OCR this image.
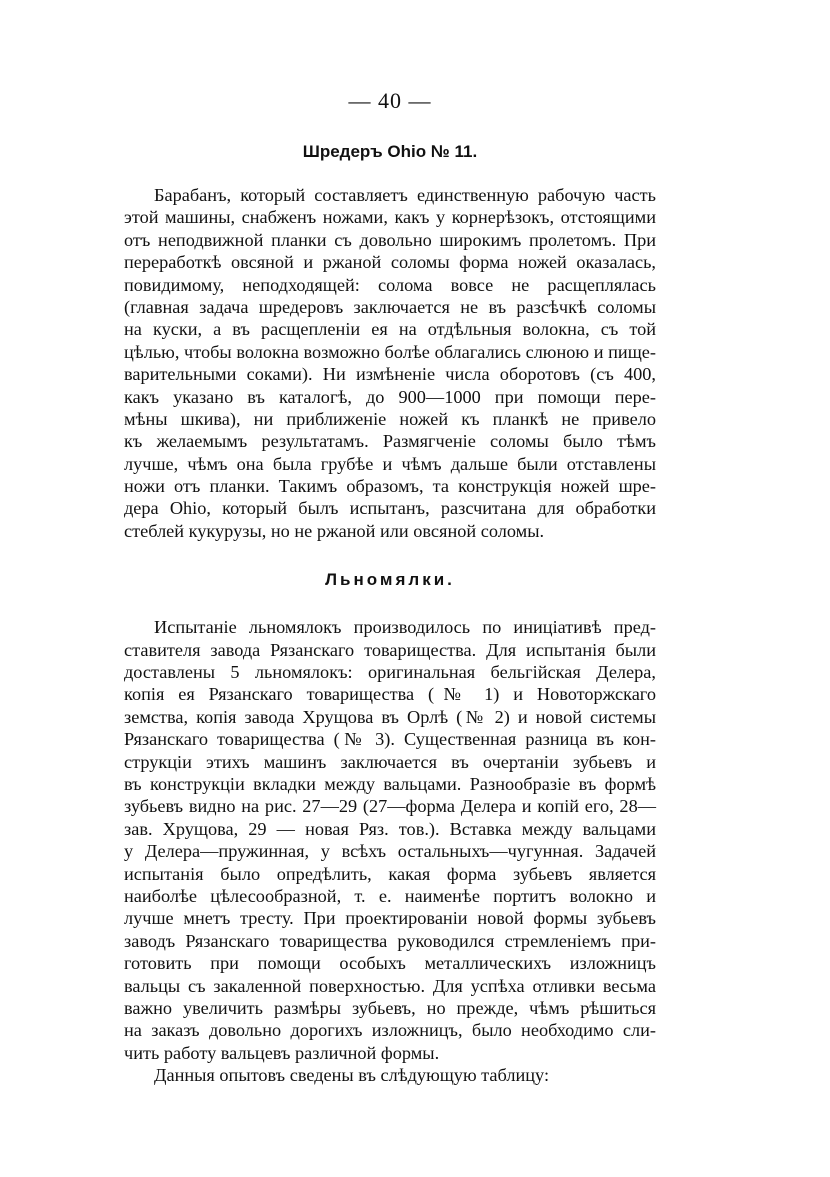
— 40 —
Шредеръ Ohio № 11.

Барабанъ, который составляетъ единственную рабочую часть

этой машины, снабженъ ножами, какъ у корнерѣзокъ, отстоящими

отъ неподвижной планки съ довольно широкимъ пролетомъ. При

переработкѣ овсяной и ржаной соломы форма ножей оказалась,

повидимому, неподходящей: солома вовсе не расщеплялась

(главная задача шредеровъ заключается не въ разсѣчкѣ соломы

на куски, а въ расщепленіи ея на отдѣльныя волокна, съ той

цѣлью, чтобы волокна возможно болѣе облагались слюною и пище-

варительными соками). Ни измѣненіе числа оборотовъ (съ 400,

какъ указано въ каталогѣ, до 900—1000 при помощи пере-

мѣны шкива), ни приближеніе ножей къ планкѣ не привело

къ желаемымъ результатамъ. Размягченіе соломы было тѣмъ

лучше, чѣмъ она была грубѣе и чѣмъ дальше были отставлены

ножи отъ планки. Такимъ образомъ, та конструкція ножей шре-

дера Ohio, который былъ испытанъ, разсчитана для обработки

стеблей кукурузы, но не ржаной или овсяной соломы.

Льномялки.

Испытаніе льномялокъ производилось по иниціативѣ пред-

ставителя завода Рязанскаго товарищества. Для испытанія были

доставлены 5 льномялокъ: оригинальная бельгійская Делера,

копія ея Рязанскаго товарищества (№ 1) и Новоторжскаго

земства, копія завода Хрущова въ Орлѣ (№ 2) и новой системы

Рязанскаго товарищества (№ 3). Существенная разница въ кон-

струкціи этихъ машинъ заключается въ очертаніи зубьевъ и

въ конструкціи вкладки между вальцами. Разнообразіе въ формѣ

зубьевъ видно на рис. 27—29 (27—форма Делера и копій его, 28—

зав. Хрущова, 29 — новая Ряз. тов.). Вставка между вальцами

у Делера—пружинная, у всѣхъ остальныхъ—чугунная. Задачей

испытанія было опредѣлить, какая форма зубьевъ является

наиболѣе цѣлесообразной, т. е. наименѣе портитъ волокно и

лучше мнетъ тресту. При проектированіи новой формы зубьевъ

заводъ Рязанскаго товарищества руководился стремленіемъ при-

готовить при помощи особыхъ металлическихъ изложницъ

вальцы съ закаленной поверхностью. Для успѣха отливки весьма

важно увеличить размѣры зубьевъ, но прежде, чѣмъ рѣшиться

на заказъ довольно дорогихъ изложницъ, было необходимо сли-

чить работу вальцевъ различной формы.

Данныя опытовъ сведены въ слѣдующую таблицу:
